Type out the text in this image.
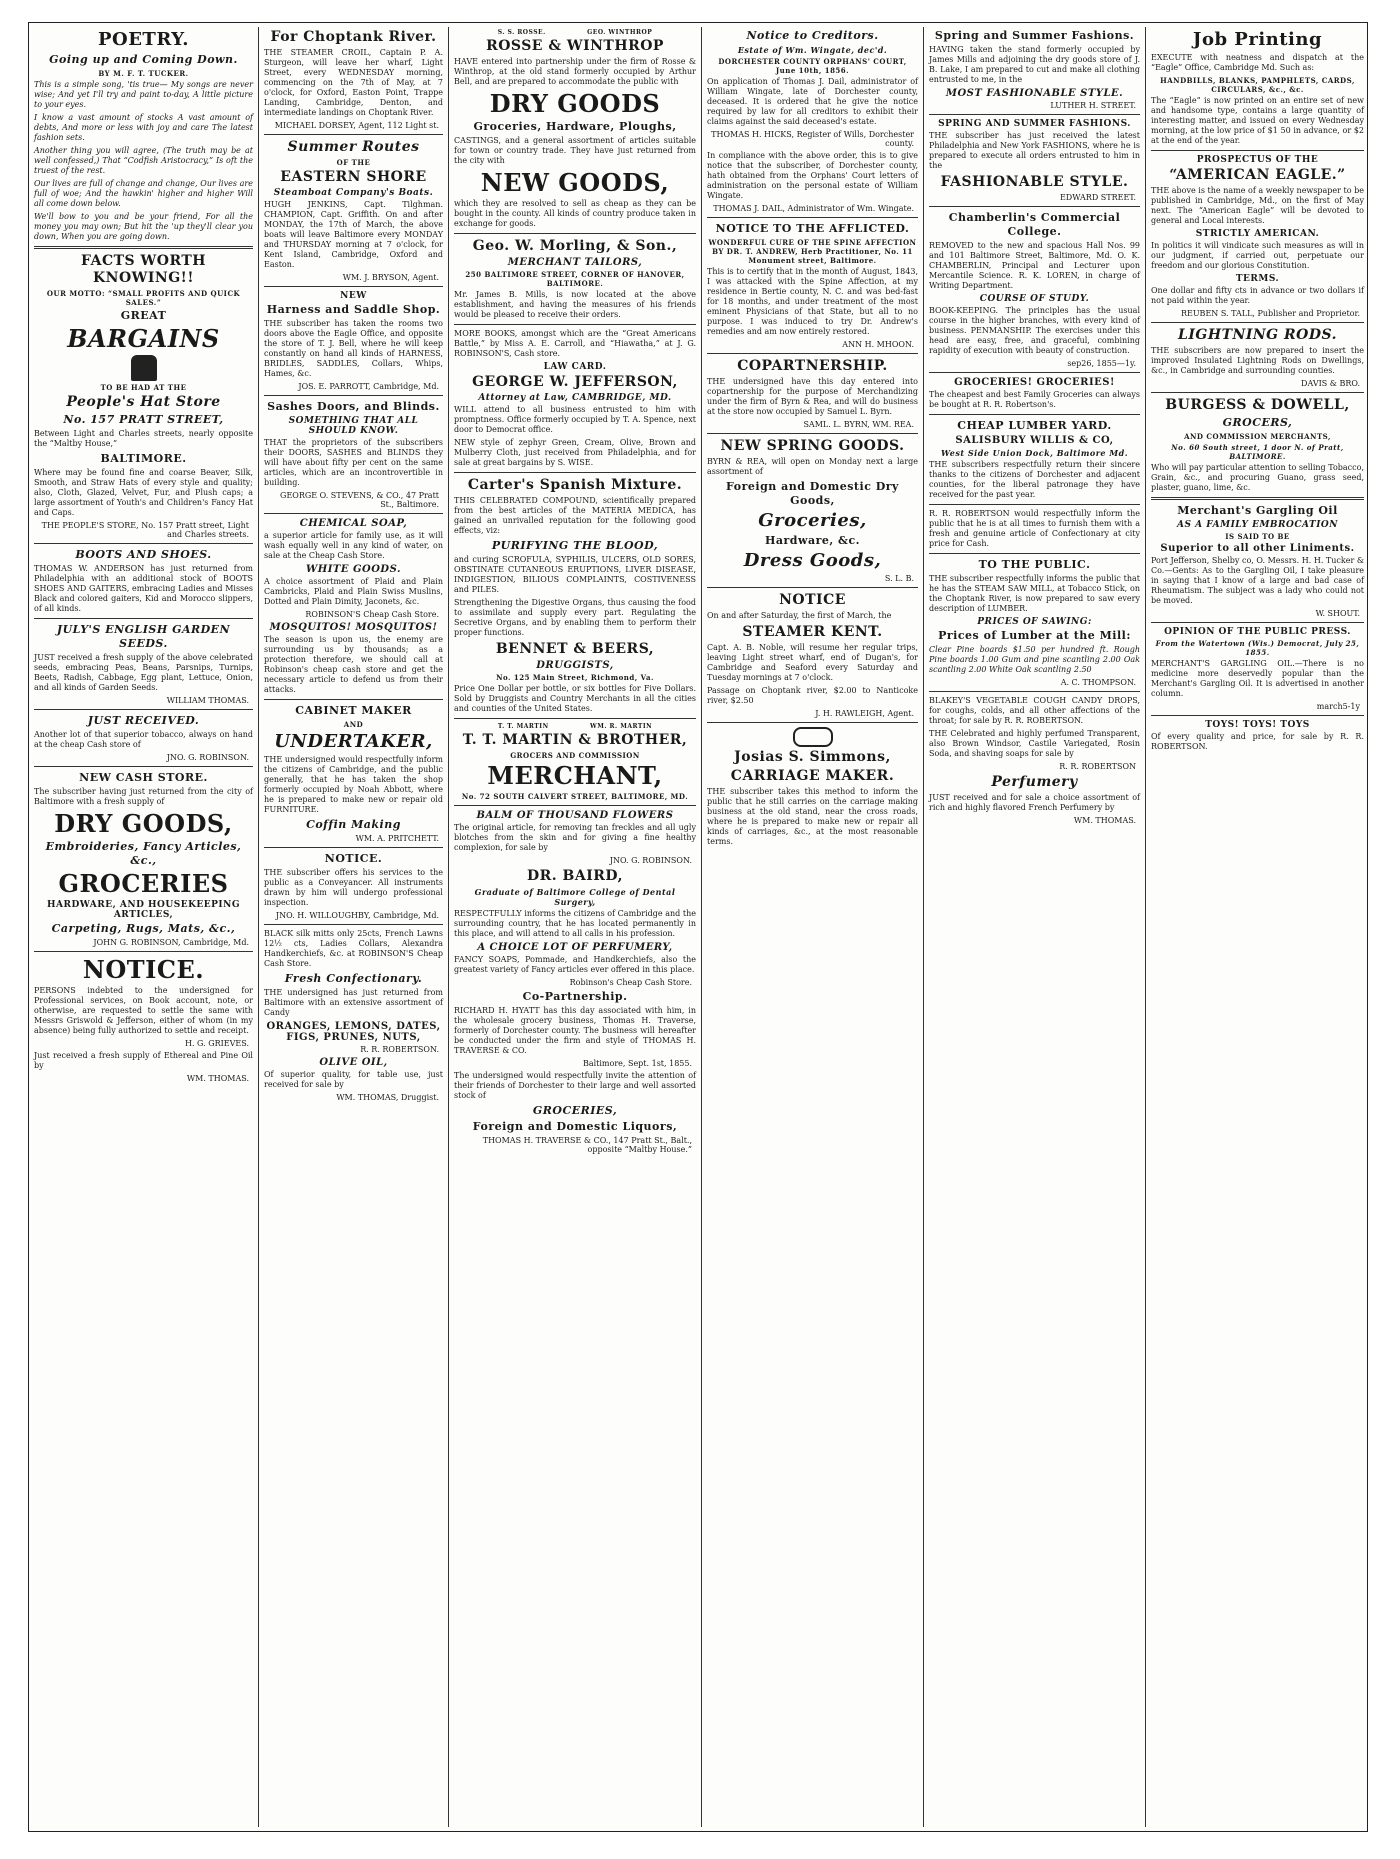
POETRY.
Going up and Coming Down.
BY M. F. T. TUCKER.

This is a simple song, 'tis true— My songs are never wise; And yet I'll try and paint to-day, A little picture to your eyes.

I know a vast amount of stocks A vast amount of debts, And more or less with joy and care The latest fashion sets.

Another thing you will agree, (The truth may be at well confessed,) That “Codfish Aristocracy,” Is oft the truest of the rest.

Our lives are full of change and change, Our lives are full of woe; And the hawkin' higher and higher Will all come down below.

We'll bow to you and be your friend, For all the money you may own; But hit the 'up they'll clear you down, When you are going down.

FACTS WORTH KNOWING!!
OUR MOTTO: “SMALL PROFITS AND QUICK SALES.”
GREAT
BARGAINS
TO BE HAD AT THE
People's Hat Store
No. 157 PRATT STREET,

Between Light and Charles streets, nearly opposite the “Maltby House,”

BALTIMORE.

Where may be found fine and coarse Beaver, Silk, Smooth, and Straw Hats of every style and quality; also, Cloth, Glazed, Velvet, Fur, and Plush caps; a large assortment of Youth's and Children's Fancy Hat and Caps.

THE PEOPLE'S STORE, No. 157 Pratt street, Light and Charles streets.
BOOTS AND SHOES.

THOMAS W. ANDERSON has just returned from Philadelphia with an additional stock of BOOTS SHOES AND GAITERS, embracing Ladies and Misses Black and colored gaiters, Kid and Morocco slippers, of all kinds.

JULY'S ENGLISH GARDEN SEEDS.

JUST received a fresh supply of the above celebrated seeds, embracing Peas, Beans, Parsnips, Turnips, Beets, Radish, Cabbage, Egg plant, Lettuce, Onion, and all kinds of Garden Seeds.

WILLIAM THOMAS.
JUST RECEIVED.

Another lot of that superior tobacco, always on hand at the cheap Cash store of

JNO. G. ROBINSON.
NEW CASH STORE.

The subscriber having just returned from the city of Baltimore with a fresh supply of

DRY GOODS,
Embroideries, Fancy Articles, &c.,
GROCERIES
HARDWARE, AND HOUSEKEEPING ARTICLES,
Carpeting, Rugs, Mats, &c.,
JOHN G. ROBINSON, Cambridge, Md.
NOTICE.

PERSONS indebted to the undersigned for Professional services, on Book account, note, or otherwise, are requested to settle the same with Messrs Griswold & Jefferson, either of whom (in my absence) being fully authorized to settle and receipt.

H. G. GRIEVES.

Just received a fresh supply of Ethereal and Pine Oil by

WM. THOMAS.
For Choptank River.

THE STEAMER CROIL, Captain P. A. Sturgeon, will leave her wharf, Light Street, every WEDNESDAY morning, commencing on the 7th of May, at 7 o'clock, for Oxford, Easton Point, Trappe Landing, Cambridge, Denton, and intermediate landings on Choptank River.

MICHAEL DORSEY, Agent, 112 Light st.
Summer Routes
OF THE
EASTERN SHORE
Steamboat Company's Boats.

HUGH JENKINS, Capt. Tilghman. CHAMPION, Capt. Griffith. On and after MONDAY, the 17th of March, the above boats will leave Baltimore every MONDAY and THURSDAY morning at 7 o'clock, for Kent Island, Cambridge, Oxford and Easton.

WM. J. BRYSON, Agent.
NEW
Harness and Saddle Shop.

THE subscriber has taken the rooms two doors above the Eagle Office, and opposite the store of T. J. Bell, where he will keep constantly on hand all kinds of HARNESS, BRIDLES, SADDLES, Collars, Whips, Hames, &c.

JOS. E. PARROTT, Cambridge, Md.
Sashes Doors, and Blinds.
SOMETHING THAT ALL SHOULD KNOW.

THAT the proprietors of the subscribers their DOORS, SASHES and BLINDS they will have about fifty per cent on the same articles, which are an incontrovertible in building.

GEORGE O. STEVENS, & CO., 47 Pratt St., Baltimore.
CHEMICAL SOAP,

a superior article for family use, as it will wash equally well in any kind of water, on sale at the Cheap Cash Store.

WHITE GOODS.

A choice assortment of Plaid and Plain Cambricks, Plaid and Plain Swiss Muslins, Dotted and Plain Dimity, Jaconets, &c.

ROBINSON'S Cheap Cash Store.
MOSQUITOS! MOSQUITOS!

The season is upon us, the enemy are surrounding us by thousands; as a protection therefore, we should call at Robinson's cheap cash store and get the necessary article to defend us from their attacks.

CABINET MAKER
AND
UNDERTAKER,

THE undersigned would respectfully inform the citizens of Cambridge, and the public generally, that he has taken the shop formerly occupied by Noah Abbott, where he is prepared to make new or repair old FURNITURE.

Coffin Making
WM. A. PRITCHETT.
NOTICE.

THE subscriber offers his services to the public as a Conveyancer. All instruments drawn by him will undergo professional inspection.

JNO. H. WILLOUGHBY, Cambridge, Md.

BLACK silk mitts only 25cts, French Lawns 12½ cts, Ladies Collars, Alexandra Handkerchiefs, &c. at ROBINSON'S Cheap Cash Store.

Fresh Confectionary.

THE undersigned has just returned from Baltimore with an extensive assortment of Candy

ORANGES, LEMONS, DATES, FIGS, PRUNES, NUTS,
R. R. ROBERTSON.
OLIVE OIL,

Of superior quality, for table use, just received for sale by

WM. THOMAS, Druggist.
S. S. ROSSE.                GEO. WINTHROP
ROSSE & WINTHROP

HAVE entered into partnership under the firm of Rosse & Winthrop, at the old stand formerly occupied by Arthur Bell, and are prepared to accommodate the public with

DRY GOODS
Groceries, Hardware, Ploughs,

CASTINGS, and a general assortment of articles suitable for town or country trade. They have just returned from the city with

NEW GOODS,

which they are resolved to sell as cheap as they can be bought in the county. All kinds of country produce taken in exchange for goods.

Geo. W. Morling, & Son.,
MERCHANT TAILORS,
250 BALTIMORE STREET, CORNER OF HANOVER, BALTIMORE.

Mr. James B. Mills, is now located at the above establishment, and having the measures of his friends would be pleased to receive their orders.

MORE BOOKS, amongst which are the “Great Americans Battle,” by Miss A. E. Carroll, and “Hiawatha,” at J. G. ROBINSON'S, Cash store.

LAW CARD.
GEORGE W. JEFFERSON,
Attorney at Law, CAMBRIDGE, MD.

WILL attend to all business entrusted to him with promptness. Office formerly occupied by T. A. Spence, next door to Democrat office.

NEW style of zephyr Green, Cream, Olive, Brown and Mulberry Cloth, just received from Philadelphia, and for sale at great bargains by S. WISE.

Carter's Spanish Mixture.

THIS CELEBRATED COMPOUND, scientifically prepared from the best articles of the MATERIA MEDICA, has gained an unrivalled reputation for the following good effects, viz:

PURIFYING THE BLOOD,

and curing SCROFULA, SYPHILIS, ULCERS, OLD SORES, OBSTINATE CUTANEOUS ERUPTIONS, LIVER DISEASE, INDIGESTION, BILIOUS COMPLAINTS, COSTIVENESS and PILES.

Strengthening the Digestive Organs, thus causing the food to assimilate and supply every part. Regulating the Secretive Organs, and by enabling them to perform their proper functions.

BENNET & BEERS,
DRUGGISTS,
No. 125 Main Street, Richmond, Va.

Price One Dollar per bottle, or six bottles for Five Dollars. Sold by Druggists and Country Merchants in all the cities and counties of the United States.

T. T. MARTIN                WM. R. MARTIN
T. T. MARTIN & BROTHER,
GROCERS AND COMMISSION
MERCHANT,
No. 72 SOUTH CALVERT STREET, BALTIMORE, MD.
BALM OF THOUSAND FLOWERS

The original article, for removing tan freckles and all ugly blotches from the skin and for giving a fine healthy complexion, for sale by

JNO. G. ROBINSON.
DR. BAIRD,
Graduate of Baltimore College of Dental Surgery,

RESPECTFULLY informs the citizens of Cambridge and the surrounding country, that he has located permanently in this place, and will attend to all calls in his profession.

A CHOICE LOT OF PERFUMERY,

FANCY SOAPS, Pommade, and Handkerchiefs, also the greatest variety of Fancy articles ever offered in this place.

Robinson's Cheap Cash Store.
Co-Partnership.

RICHARD H. HYATT has this day associated with him, in the wholesale grocery business, Thomas H. Traverse, formerly of Dorchester county. The business will hereafter be conducted under the firm and style of THOMAS H. TRAVERSE & CO.

Baltimore, Sept. 1st, 1855.

The undersigned would respectfully invite the attention of their friends of Dorchester to their large and well assorted stock of

GROCERIES,
Foreign and Domestic Liquors,
THOMAS H. TRAVERSE & CO., 147 Pratt St., Balt., opposite “Maltby House.”
Notice to Creditors.
Estate of Wm. Wingate, dec'd.
DORCHESTER COUNTY ORPHANS' COURT, June 10th, 1856.

On application of Thomas J. Dail, administrator of William Wingate, late of Dorchester county, deceased. It is ordered that he give the notice required by law for all creditors to exhibit their claims against the said deceased's estate.

THOMAS H. HICKS, Register of Wills, Dorchester county.

In compliance with the above order, this is to give notice that the subscriber, of Dorchester county, hath obtained from the Orphans' Court letters of administration on the personal estate of William Wingate.

THOMAS J. DAIL, Administrator of Wm. Wingate.
NOTICE TO THE AFFLICTED.
WONDERFUL CURE OF THE SPINE AFFECTION BY DR. T. ANDREW, Herb Practitioner, No. 11 Monument street, Baltimore.

This is to certify that in the month of August, 1843, I was attacked with the Spine Affection, at my residence in Bertie county, N. C. and was bed-fast for 18 months, and under treatment of the most eminent Physicians of that State, but all to no purpose. I was induced to try Dr. Andrew's remedies and am now entirely restored.

ANN H. MHOON.
COPARTNERSHIP.

THE undersigned have this day entered into copartnership for the purpose of Merchandizing under the firm of Byrn & Rea, and will do business at the store now occupied by Samuel L. Byrn.

SAML. L. BYRN, WM. REA.
NEW SPRING GOODS.

BYRN & REA, will open on Monday next a large assortment of

Foreign and Domestic Dry Goods,
Groceries,
Hardware, &c.
Dress Goods,
S. L. B.
NOTICE

On and after Saturday, the first of March, the

STEAMER KENT.

Capt. A. B. Noble, will resume her regular trips, leaving Light street wharf, end of Dugan's, for Cambridge and Seaford every Saturday and Tuesday mornings at 7 o'clock.

Passage on Choptank river, $2.00 to Nanticoke river, $2.50

J. H. RAWLEIGH, Agent.
Josias S. Simmons,
CARRIAGE MAKER.

THE subscriber takes this method to inform the public that he still carries on the carriage making business at the old stand, near the cross roads, where he is prepared to make new or repair all kinds of carriages, &c., at the most reasonable terms.

Spring and Summer Fashions.

HAVING taken the stand formerly occupied by James Mills and adjoining the dry goods store of J. B. Lake, I am prepared to cut and make all clothing entrusted to me, in the

MOST FASHIONABLE STYLE.
LUTHER H. STREET.
SPRING AND SUMMER FASHIONS.

THE subscriber has just received the latest Philadelphia and New York FASHIONS, where he is prepared to execute all orders entrusted to him in the

FASHIONABLE STYLE.
EDWARD STREET.
Chamberlin's Commercial College.

REMOVED to the new and spacious Hall Nos. 99 and 101 Baltimore Street, Baltimore, Md. O. K. CHAMBERLIN, Principal and Lecturer upon Mercantile Science. R. K. LOREN, in charge of Writing Department.

COURSE OF STUDY.

BOOK-KEEPING. The principles has the usual course in the higher branches, with every kind of business. PENMANSHIP. The exercises under this head are easy, free, and graceful, combining rapidity of execution with beauty of construction.

sep26, 1855—1y.
GROCERIES! GROCERIES!

The cheapest and best Family Groceries can always be bought at R. R. Robertson's.

CHEAP LUMBER YARD.
SALISBURY WILLIS & CO,
West Side Union Dock, Baltimore Md.

THE subscribers respectfully return their sincere thanks to the citizens of Dorchester and adjacent counties, for the liberal patronage they have received for the past year.

R. R. ROBERTSON would respectfully inform the public that he is at all times to furnish them with a fresh and genuine article of Confectionary at city price for Cash.

TO THE PUBLIC.

THE subscriber respectfully informs the public that he has the STEAM SAW MILL, at Tobacco Stick, on the Choptank River, is now prepared to saw every description of LUMBER.

PRICES OF SAWING:
Prices of Lumber at the Mill:

Clear Pine boards $1.50 per hundred ft. Rough Pine boards 1.00 Gum and pine scantling 2.00 Oak scantling 2.00 White Oak scantling 2.50

A. C. THOMPSON.

BLAKEY'S VEGETABLE COUGH CANDY DROPS, for coughs, colds, and all other affections of the throat; for sale by R. R. ROBERTSON.

THE Celebrated and highly perfumed Transparent, also Brown Windsor, Castile Variegated, Rosin Soda, and shaving soaps for sale by

R. R. ROBERTSON
Perfumery

JUST received and for sale a choice assortment of rich and highly flavored French Perfumery by

WM. THOMAS.
Job Printing

EXECUTE with neatness and dispatch at the “Eagle” Office, Cambridge Md. Such as:

HANDBILLS, BLANKS, PAMPHLETS, CARDS, CIRCULARS, &c., &c.

The “Eagle” is now printed on an entire set of new and handsome type, contains a large quantity of interesting matter, and issued on every Wednesday morning, at the low price of $1 50 in advance, or $2 at the end of the year.

PROSPECTUS OF THE
“AMERICAN EAGLE.”

THE above is the name of a weekly newspaper to be published in Cambridge, Md., on the first of May next. The “American Eagle” will be devoted to general and Local interests.

STRICTLY AMERICAN.

In politics it will vindicate such measures as will in our judgment, if carried out, perpetuate our freedom and our glorious Constitution.

TERMS.

One dollar and fifty cts in advance or two dollars if not paid within the year.

REUBEN S. TALL, Publisher and Proprietor.
LIGHTNING RODS.

THE subscribers are now prepared to insert the improved Insulated Lightning Rods on Dwellings, &c., in Cambridge and surrounding counties.

DAVIS & BRO.
BURGESS & DOWELL,
GROCERS,
AND COMMISSION MERCHANTS,
No. 60 South street, 1 door N. of Pratt, BALTIMORE.

Who will pay particular attention to selling Tobacco, Grain, &c., and procuring Guano, grass seed, plaster, guano, lime, &c.

Merchant's Gargling Oil
AS A FAMILY EMBROCATION
IS SAID TO BE
Superior to all other Liniments.

Port Jefferson, Shelby co, O. Messrs. H. H. Tucker & Co.—Gents: As to the Gargling Oil, I take pleasure in saying that I know of a large and bad case of Rheumatism. The subject was a lady who could not be moved.

W. SHOUT.
OPINION OF THE PUBLIC PRESS.
From the Watertown (Wis.) Democrat, July 25, 1855.

MERCHANT'S GARGLING OIL.—There is no medicine more deservedly popular than the Merchant's Gargling Oil. It is advertised in another column.

march5-1y
TOYS! TOYS! TOYS

Of every quality and price, for sale by R. R. ROBERTSON.
